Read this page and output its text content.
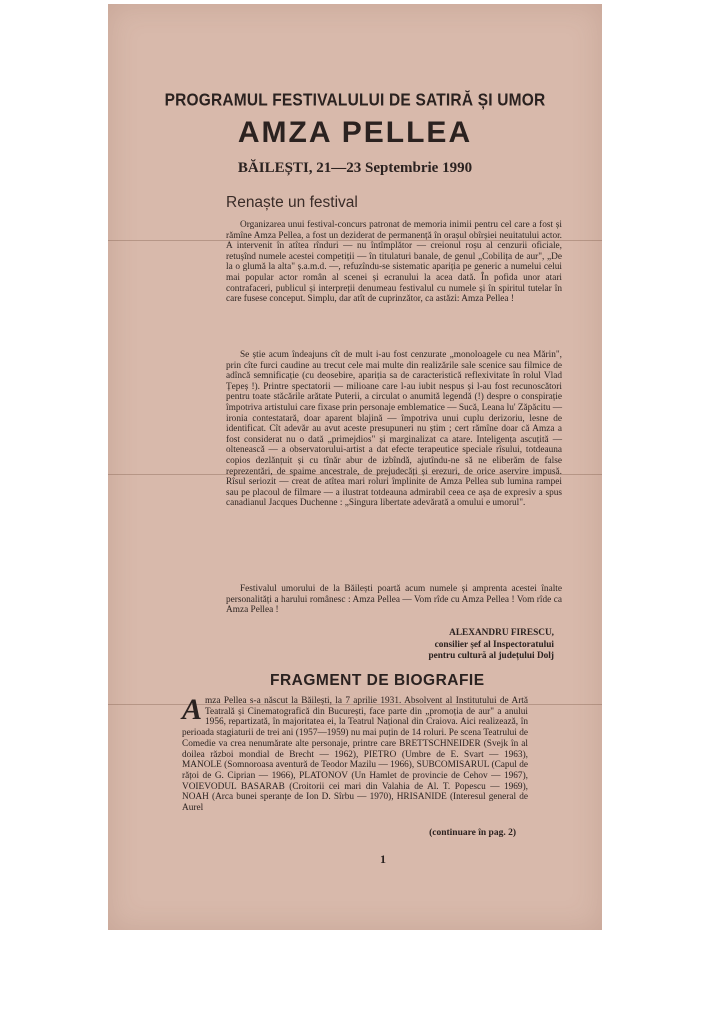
PROGRAMUL FESTIVALULUI DE SATIRĂ ȘI UMOR
AMZA PELLEA
BĂILEȘTI, 21—23 Septembrie 1990
Renaște un festival
Organizarea unui festival-concurs patronat de memoria inimii pentru cel care a fost și rămîne Amza Pellea, a fost un deziderat de permanență în orașul obîrșiei neuitatului actor. A intervenit în atîtea rînduri — nu întîmplător — creionul roșu al cenzurii oficiale, retușînd numele acestei competiții — în titulaturi banale, de genul „Cobilița de aur", „De la o glumă la alta" ș.a.m.d. —, refuzîndu-se sistematic apariția pe generic a numelui celui mai popular actor român al scenei și ecranului la acea dată. În pofida unor atari contrafaceri, publicul și interpreții denumeau festivalul cu numele și în spiritul tutelar în care fusese conceput. Simplu, dar atît de cuprinzător, ca astăzi: Amza Pellea !
Se știe acum îndeajuns cît de mult i-au fost cenzurate „monoloagele cu nea Mărin", prin cîte furci caudine au trecut cele mai multe din realizările sale scenice sau filmice de adîncă semnificație (cu deosebire, apariția sa de caracteristică reflexivitate în rolul Vlad Țepeș !). Printre spectatorii — milioane care l-au iubit nespus și l-au fost recunoscători pentru toate stăcările arătate Puterii, a circulat o anumită legendă (!) despre o conspirație împotriva artistului care fixase prin personaje emblematice — Sucă, Leana lu' Zăpăcitu — ironia contestatară, doar aparent blajină — împotriva unui cuplu derizoriu, lesne de identificat. Cît adevăr au avut aceste presupuneri nu știm ; cert rămîne doar că Amza a fost considerat nu o dată „primejdios" și marginalizat ca atare. Inteligența ascuțită — olteneascǎ — a observatorului-artist a dat efecte terapeutice speciale rîsului, totdeauna copios dezlănțuit și cu tînăr abur de izbîndǎ, ajutîndu-ne să ne eliberăm de false reprezentări, de spaime ancestrale, de prejudecăți și erezuri, de orice aservire impusă. Rîsul seriozit — creat de atîtea mari roluri împlinite de Amza Pellea sub lumina rampei sau pe placoul de filmare — a ilustrat totdeauna admirabil ceea ce așa de expresiv a spus canadianul Jacques Duchenne : „Singura libertate adevărată a omului e umorul".
Festivalul umorului de la Băilești poartă acum numele și amprenta acestei înalte personalități a harului românesc : Amza Pellea — Vom rîde cu Amza Pellea ! Vom rîde ca Amza Pellea !
ALEXANDRU FIRESCU,
consilier șef al Inspectoratului
pentru cultură al județului Dolj
FRAGMENT DE BIOGRAFIE
Amza Pellea s-a născut la Băilești, la 7 aprilie 1931. Absolvent al Institutului de Artă Teatrală și Cinematografică din București, face parte din „promoția de aur" a anului 1956, repartizată, în majoritatea ei, la Teatrul Național din Craiova. Aici realizează, în perioada stagiaturii de trei ani (1957—1959) nu mai puțin de 14 roluri. Pe scena Teatrului de Comedie va crea nenumărate alte personaje, printre care BRETTSCHNEIDER (Svejk în al doilea război mondial de Brecht — 1962), PIETRO (Umbre de E. Svart — 1963), MANOLE (Somnoroasa aventură de Teodor Mazilu — 1966), SUBCOMISARUL (Capul de rățoi de G. Ciprian — 1966), PLATONOV (Un Hamlet de provincie de Cehov — 1967), VOIEVODUL BASARAB (Croitorii cei mari din Valahia de Al. T. Popescu — 1969), NOAH (Arca bunei speranțe de Ion D. Sîrbu — 1970), HRISANIDE (Interesul general de Aurel
(continuare în pag. 2)
1
